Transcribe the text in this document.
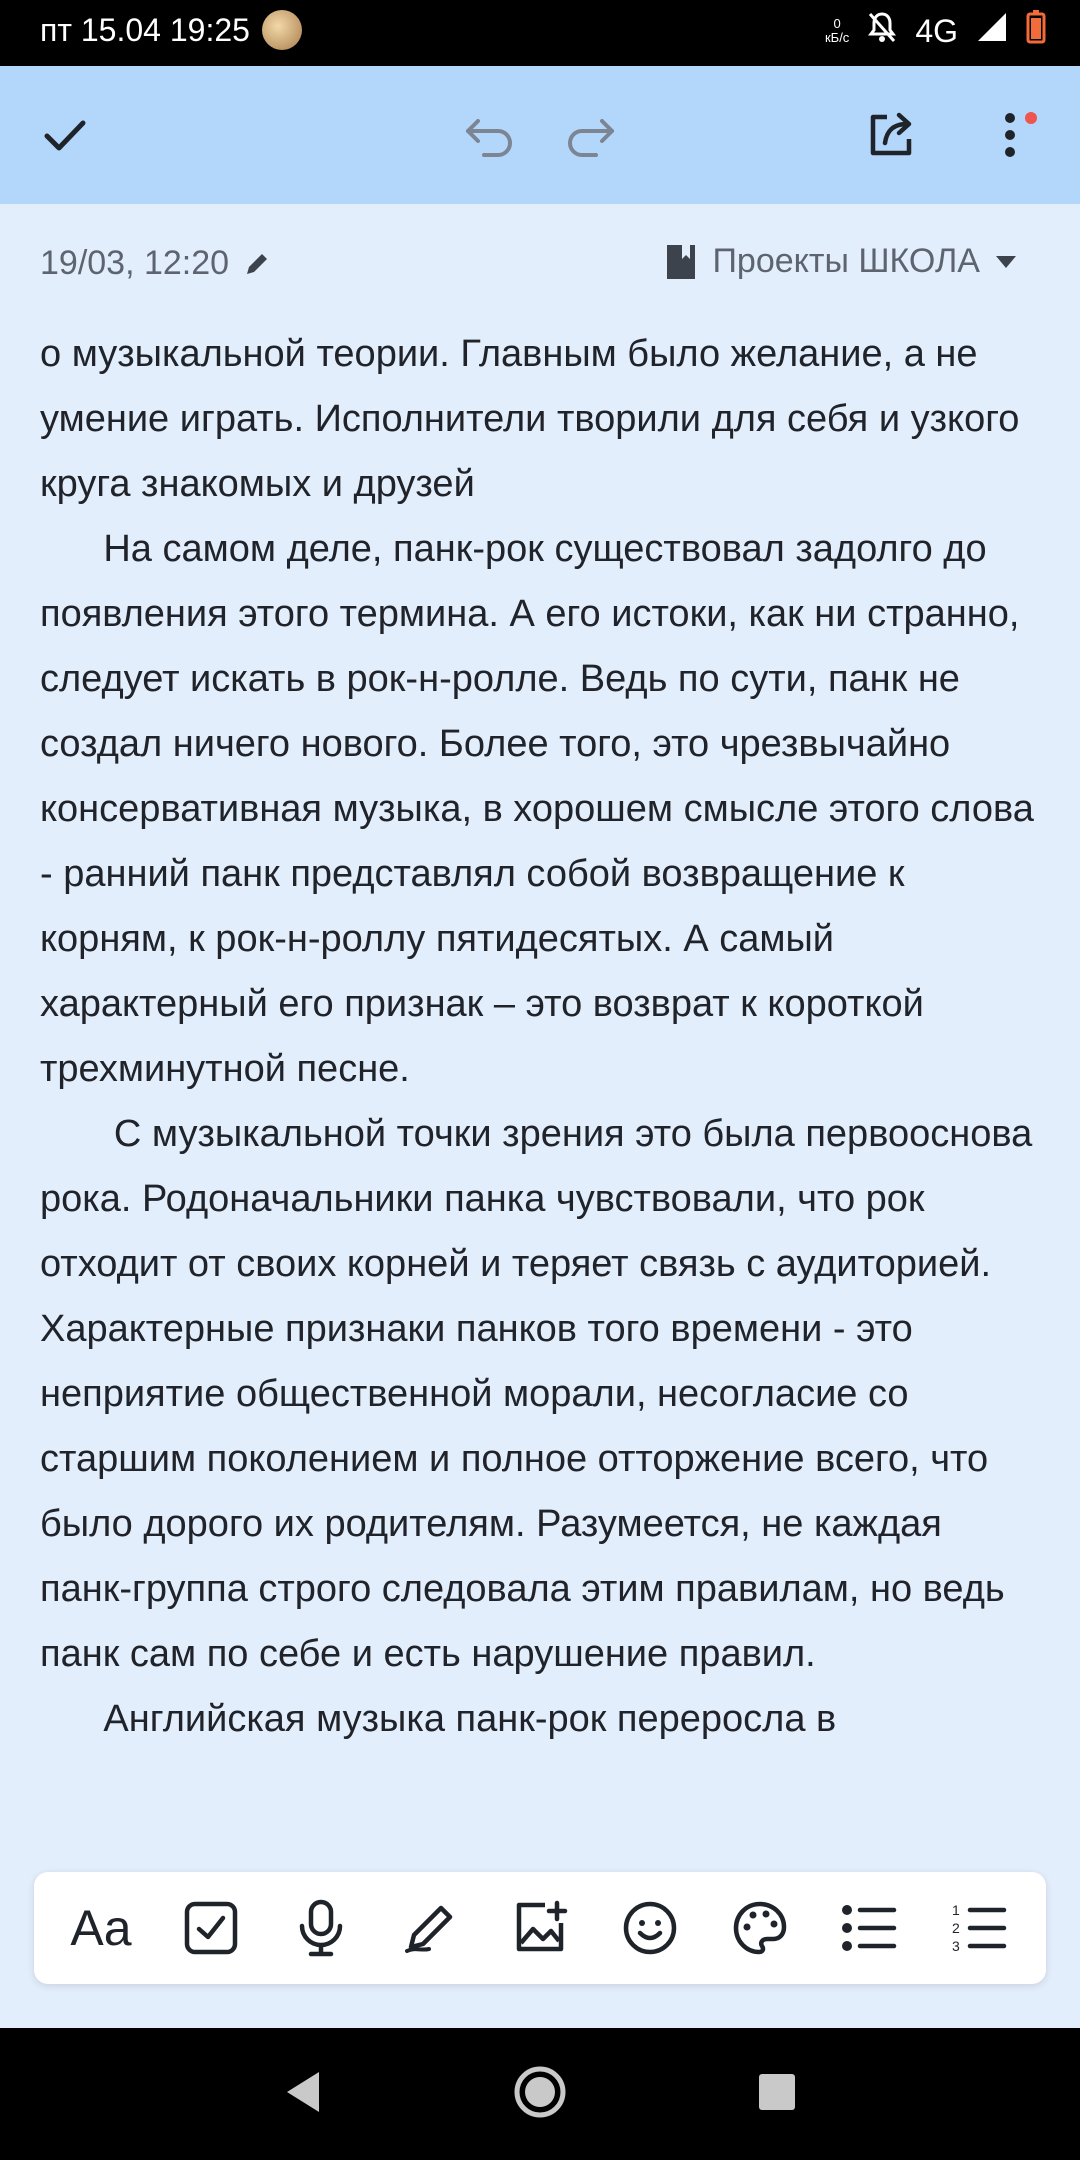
пт 15.04 19:25	0
кБ/с 4G
19/03, 12:20	Проекты ШКОЛА

о музыкальной теории. Главным было желание, а не умение играть. Исполнители творили для себя и узкого круга знакомых и друзей

На самом деле, панк-рок существовал задолго до появления этого термина. А его истоки, как ни странно, следует искать в рок-н-ролле. Ведь по сути, панк не создал ничего нового. Более того, это чрезвычайно консервативная музыка, в хорошем смысле этого слова - ранний панк представлял собой возвращение к корням, к рок-н-роллу пятидесятых. А самый характерный его признак – это возврат к короткой трехминутной песне.

С музыкальной точки зрения это была первооснова рока. Родоначальники панка чувствовали, что рок отходит от своих корней и теряет связь с аудиторией. Характерные признаки панков того времени - это неприятие общественной морали, несогласие со старшим поколением и полное отторжение всего, что было дорого их родителям. Разумеется, не каждая панк-группа строго следовала этим правилам, но ведь панк сам по себе и есть нарушение правил.

Английская музыка панк-рок переросла в

Aa	1
2
3
